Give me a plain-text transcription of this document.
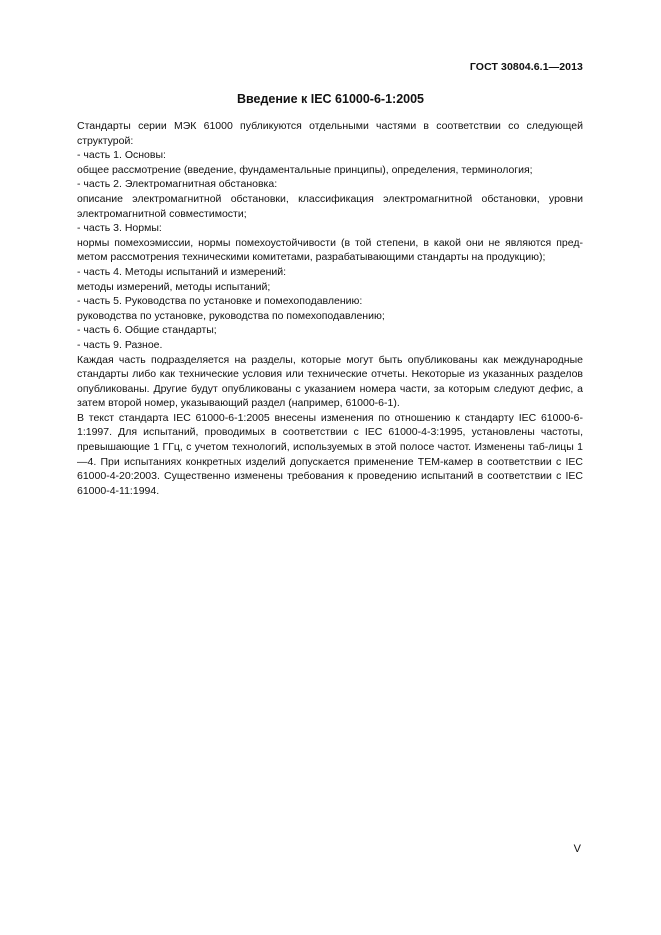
ГОСТ 30804.6.1—2013
Введение к IEC 61000-6-1:2005

Стандарты серии МЭК 61000 публикуются отдельными частями в соответствии со следующей структурой:

- часть 1. Основы:

общее рассмотрение (введение, фундаментальные принципы), определения, терминология;

- часть 2. Электромагнитная обстановка:

описание электромагнитной обстановки, классификация электромагнитной обстановки, уровни электромагнитной совместимости;

- часть 3. Нормы:

нормы помехоэмиссии, нормы помехоустойчивости (в той степени, в какой они не являются пред-метом рассмотрения техническими комитетами, разрабатывающими стандарты на продукцию);

- часть 4. Методы испытаний и измерений:

методы измерений, методы испытаний;

- часть 5. Руководства по установке и помехоподавлению:

руководства по установке, руководства по помехоподавлению;

- часть 6. Общие стандарты;

- часть 9. Разное.

Каждая часть подразделяется на разделы, которые могут быть опубликованы как международные стандарты либо как технические условия или технические отчеты. Некоторые из указанных разделов опубликованы. Другие будут опубликованы с указанием номера части, за которым следуют дефис, а затем второй номер, указывающий раздел (например, 61000-6-1).

В текст стандарта IEC 61000-6-1:2005 внесены изменения по отношению к стандарту IEC 61000-6-1:1997. Для испытаний, проводимых в соответствии с IEC 61000-4-3:1995, установлены частоты, превышающие 1 ГГц, с учетом технологий, используемых в этой полосе частот. Изменены таб-лицы 1—4. При испытаниях конкретных изделий допускается применение ТЕМ-камер в соответствии с IEC 61000-4-20:2003. Существенно изменены требования к проведению испытаний в соответствии с IEC 61000-4-11:1994.

V
